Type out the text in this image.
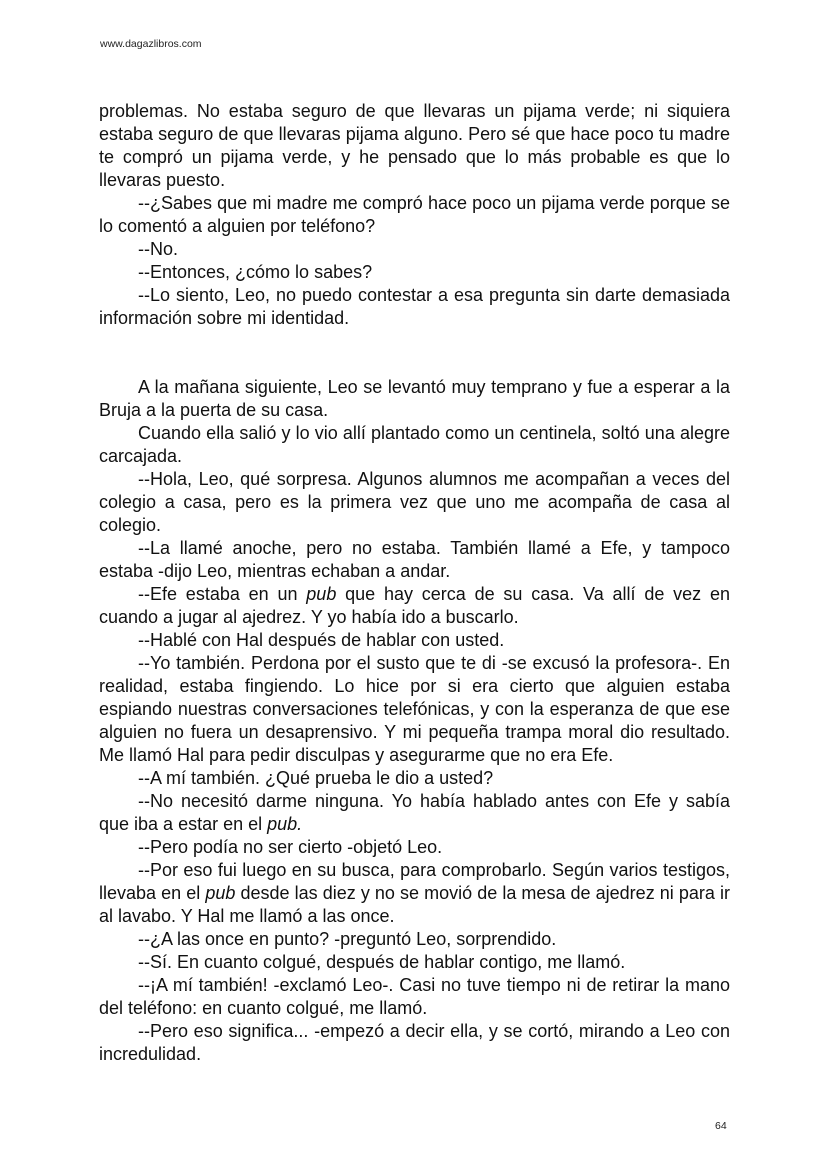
www.dagazlibros.com

problemas. No estaba seguro de que llevaras un pijama verde; ni siquiera estaba seguro de que llevaras pijama alguno. Pero sé que hace poco tu madre te compró un pijama verde, y he pensado que lo más probable es que lo llevaras puesto.

--¿Sabes que mi madre me compró hace poco un pijama verde porque se lo comentó a alguien por teléfono?

--No.

--Entonces, ¿cómo lo sabes?

--Lo siento, Leo, no puedo contestar a esa pregunta sin darte demasiada información sobre mi identidad.

A la mañana siguiente, Leo se levantó muy temprano y fue a esperar a la Bruja a la puerta de su casa.

Cuando ella salió y lo vio allí plantado como un centinela, soltó una alegre carcajada.

--Hola, Leo, qué sorpresa. Algunos alumnos me acompañan a veces del colegio a casa, pero es la primera vez que uno me acompaña de casa al colegio.

--La llamé anoche, pero no estaba. También llamé a Efe, y tampoco estaba -dijo Leo, mientras echaban a andar.

--Efe estaba en un pub que hay cerca de su casa. Va allí de vez en cuando a jugar al ajedrez. Y yo había ido a buscarlo.

--Hablé con Hal después de hablar con usted.

--Yo también. Perdona por el susto que te di -se excusó la profesora-. En realidad, estaba fingiendo. Lo hice por si era cierto que alguien estaba espiando nuestras conversaciones telefónicas, y con la esperanza de que ese alguien no fuera un desaprensivo. Y mi pequeña trampa moral dio resultado. Me llamó Hal para pedir disculpas y asegurarme que no era Efe.

--A mí también. ¿Qué prueba le dio a usted?

--No necesitó darme ninguna. Yo había hablado antes con Efe y sabía que iba a estar en el pub.

--Pero podía no ser cierto -objetó Leo.

--Por eso fui luego en su busca, para comprobarlo. Según varios testigos, llevaba en el pub desde las diez y no se movió de la mesa de ajedrez ni para ir al lavabo. Y Hal me llamó a las once.

--¿A las once en punto? -preguntó Leo, sorprendido.

--Sí. En cuanto colgué, después de hablar contigo, me llamó.

--¡A mí también! -exclamó Leo-. Casi no tuve tiempo ni de retirar la mano del teléfono: en cuanto colgué, me llamó.

--Pero eso significa... -empezó a decir ella, y se cortó, mirando a Leo con incredulidad.

64
